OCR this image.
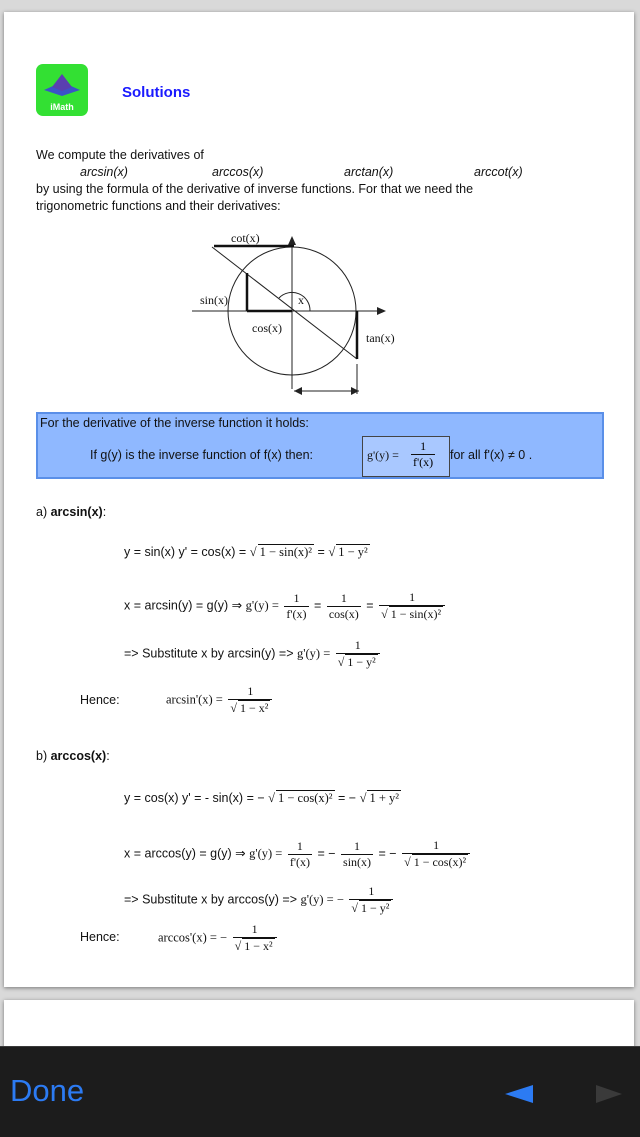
iMath
Solutions
We compute the derivatives of
arcsin(x)	arccos(x)	arctan(x)	arccot(x)
by using the formula of the derivative of inverse functions. For that we need the
trigonometric functions and their derivatives:
cot(x)
sin(x)
cos(x)
tan(x)
x
For the derivative of the inverse function it holds:
If g(y) is the inverse function of f(x) then:	$g'(y) = \frac{1}{f'(x)}$ for all f'(x) ≠ 0 .
a) arcsin(x):
y = sin(x) y' = cos(x) = √ 1 − sin(x)² = √ 1 − y²
x = arcsin(y) = g(y) ⇒ $g'(y) = \frac{1}{f'(x)} = \frac{1}{\cos(x)} = \frac{1}{\text{√ 1 − sin(x)²}}$
=> Substitute x by $\arcsin(y) => g'(y) = \frac{1}{\text{√ 1 − y²}}$
Hence:	$\arcsin'(x) = \frac{1}{\text{√ 1 − x²}}$
b) arccos(x):
y = cos(x) y' = - sin(x) = − √ 1 − cos(x)² = − √ 1 + y²
x = arccos(y) = g(y) ⇒ $g'(y) = \frac{1}{f'(x)}$ = − $\frac{1}{\sin(x)}$ = − $\frac{1}{\text{√ 1 − cos(x)²}}$
=> Substitute x by arccos(y) => g'(y) = − $\frac{1}{\text{√ 1 − y²}}$
Hence:	arccos'(x) = − $\frac{1}{\text{√ 1 − x²}}$
Done
